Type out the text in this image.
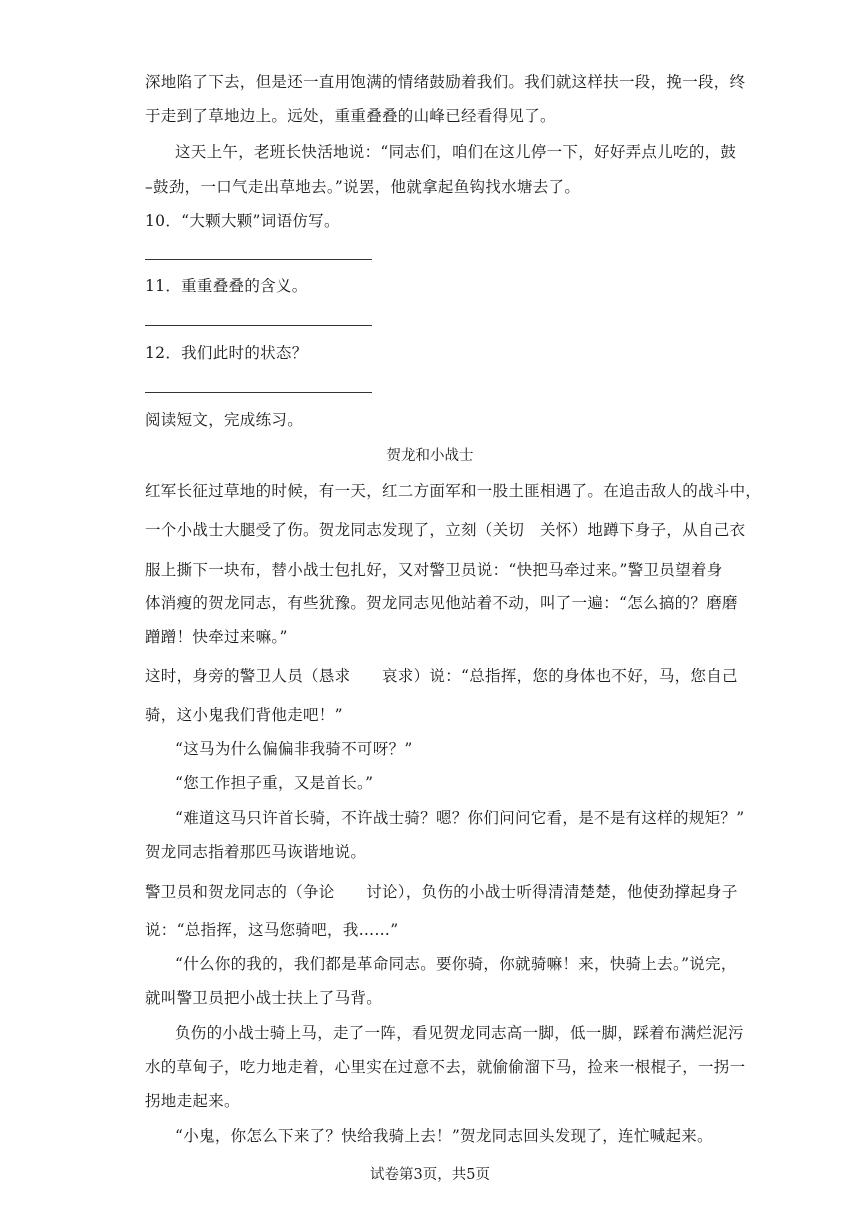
深地陷了下去，但是还一直用饱满的情绪鼓励着我们。我们就这样扶一段，挽一段，终
于走到了草地边上。远处，重重叠叠的山峰已经看得见了。
这天上午，老班长快活地说：“同志们，咱们在这儿停一下，好好弄点儿吃的，鼓
–鼓劲，一口气走出草地去。”说罢，他就拿起鱼钩找水塘去了。
10．“大颗大颗”词语仿写。
11．重重叠叠的含义。
12．我们此时的状态？
阅读短文，完成练习。
贺龙和小战士
红军长征过草地的时候，有一天，红二方面军和一股土匪相遇了。在追击敌人的战斗中，
一个小战士大腿受了伤。贺龙同志发现了，立刻（关切　关怀）地蹲下身子，从自己衣
服上撕下一块布，替小战士包扎好，又对警卫员说：“快把马牵过来。”警卫员望着身
体消瘦的贺龙同志，有些犹豫。贺龙同志见他站着不动，叫了一遍：“怎么搞的？磨磨
蹭蹭！快牵过来嘛。”
这时，身旁的警卫人员（恳求　　哀求）说：“总指挥，您的身体也不好，马，您自己
骑，这小鬼我们背他走吧！”
“这马为什么偏偏非我骑不可呀？”
“您工作担子重，又是首长。”
“难道这马只许首长骑，不许战士骑？嗯？你们问问它看，是不是有这样的规矩？”
贺龙同志指着那匹马诙谐地说。
警卫员和贺龙同志的（争论　　讨论），负伤的小战士听得清清楚楚，他使劲撑起身子
说：“总指挥，这马您骑吧，我……”
“什么你的我的，我们都是革命同志。要你骑，你就骑嘛！来，快骑上去。”说完，
就叫警卫员把小战士扶上了马背。
负伤的小战士骑上马，走了一阵，看见贺龙同志高一脚，低一脚，踩着布满烂泥污
水的草甸子，吃力地走着，心里实在过意不去，就偷偷溜下马，捡来一根棍子，一拐一
拐地走起来。
“小鬼，你怎么下来了？快给我骑上去！”贺龙同志回头发现了，连忙喊起来。
试卷第3页，共5页
